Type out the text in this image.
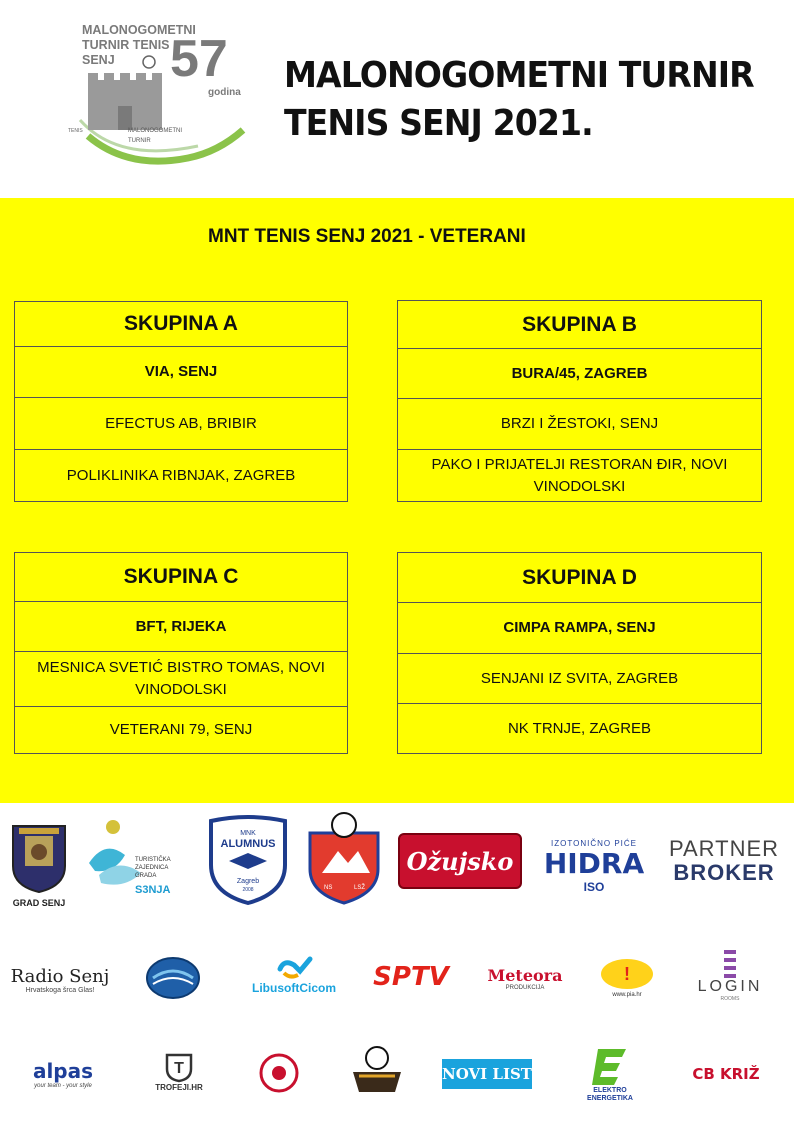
MALONOGOMETNI
TURNIR TENIS
SENJ 57
godina
TENIS	MALONOGOMETNI
TURNIR
MALONOGOMETNI TURNIR
TENIS SENJ 2021.
MNT TENIS SENJ 2021 - VETERANI
SKUPINA A
VIA, SENJ
EFECTUS AB, BRIBIR
POLIKLINIKA RIBNJAK, ZAGREB
SKUPINA B
BURA/45, ZAGREB
BRZI I ŽESTOKI, SENJ
PAKO I PRIJATELJI RESTORAN ĐIR, NOVI VINODOLSKI
SKUPINA C
BFT, RIJEKA
MESNICA SVETIĆ BISTRO TOMAS, NOVI VINODOLSKI
VETERANI 79, SENJ
SKUPINA D
CIMPA RAMPA, SENJ
SENJANI IZ SVITA, ZAGREB
NK TRNJE, ZAGREB
GRAD SENJ
TURISTIČKA
ZAJEDNICA
GRADA
S3NJA
MNK
ALUMNUS
Zagreb
2008	NS	LSŽ
Ožujsko
IZOTONIČNO PIĆE
HIDRA
ISO
PARTNER
BROKER
Radio Senj
Hrvatskoga šrca Glas!	LibusoftCicom SPTV Meteora
PRODUKCIJA
!
www.pia.hr	LOGIN
ROOMS
alpas
your team - your style
T
TROFEJI.HR
NOVI LIST
ELEKTRO
ENERGETIKA
CB KRIŽ
